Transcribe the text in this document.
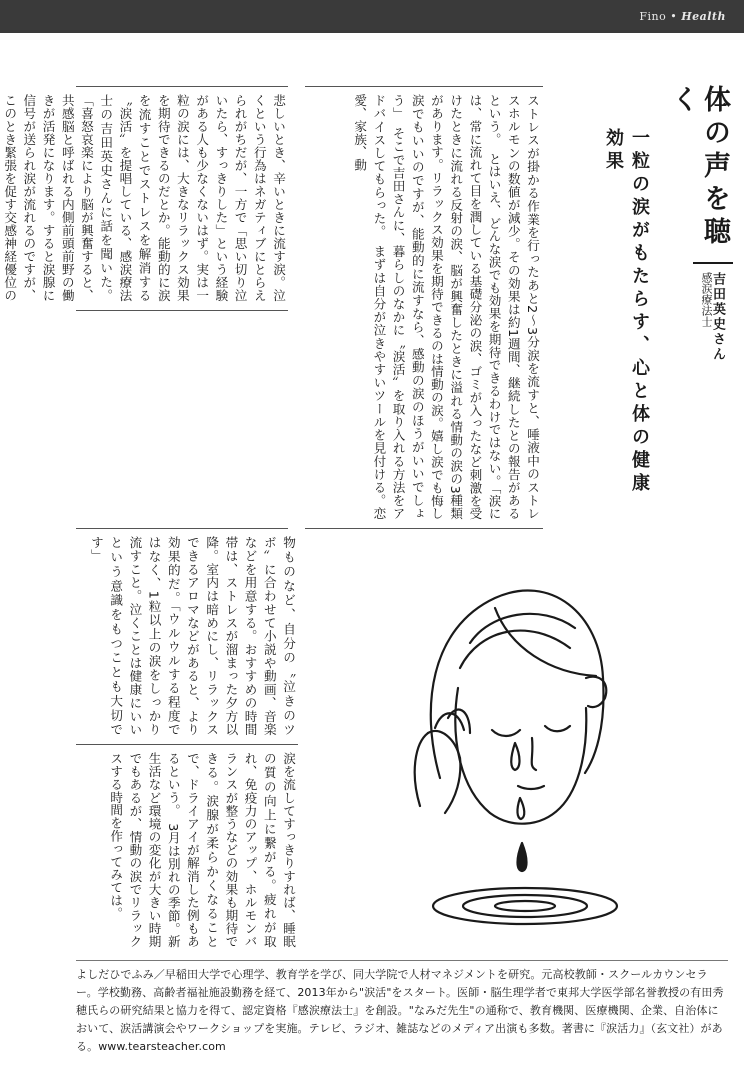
Fino • Health
体の声を聴く
感涙療法士
吉田英史さん
一粒の涙がもたらす、心と体の健康効果
ストレスが掛かる作業を行ったあと2〜3分涙を流すと、唾液中のストレスホルモンの数値が減少。その効果は約1週間、継続したとの報告があるという。　とはいえ、どんな涙でも効果を期待できるわけではない。「涙には、常に流れて目を潤している基礎分泌の涙、ゴミが入ったなど刺激を受けたときに流れる反射の涙、脳が興奮したときに溢れる情動の涙の3種類があります。リラックス効果を期待できるのは情動の涙。嬉し涙でも悔し涙でもいいのですが、能動的に流すなら、感動の涙のほうがいいでしょう」　そこで吉田さんに、暮らしのなかに〝涙活〟を取り入れる方法をアドバイスしてもらった。　まずは自分が泣きやすいツールを見付ける。恋愛、家族、動
悲しいとき、辛いときに流す涙。泣くという行為はネガティブにとらえられがちだが、一方で「思い切り泣いたら、すっきりした」という経験がある人も少なくないはず。実は一粒の涙には、大きなリラックス効果を期待できるのだとか。能動的に涙を流すことでストレスを解消する〝涙活〟を提唱している、感涙療法士の吉田英史さんに話を聞いた。「喜怒哀楽により脳が興奮すると、共感脳と呼ばれる内側前頭前野の働きが活発になります。すると涙腺に信号が送られ涙が流れるのですが、このとき緊張を促す交感神経優位の　
物ものなど、自分の〝泣きのツボ〟に合わせて小説や動画、音楽などを用意する。おすすめの時間帯は、ストレスが溜まった夕方以降。室内は暗めにし、リラックスできるアロマなどがあると、より効果的だ。「ウルウルする程度ではなく、1粒以上の涙をしっかり流すこと。泣くことは健康にいいという意識をもつことも大切です」
涙を流してすっきりすれば、睡眠の質の向上に繋がる。疲れが取れ、免疫力のアップ、ホルモンバランスが整うなどの効果も期待できる。涙腺が柔らかくなることで、ドライアイが解消した例もあるという。　3月は別れの季節。新生活など環境の変化が大きい時期でもあるが、情動の涙でリラックスする時間を作ってみては。
よしだひでふみ／早稲田大学で心理学、教育学を学び、同大学院で人材マネジメントを研究。元高校教師・スクールカウンセラー。学校勤務、高齢者福祉施設勤務を経て、2013年から"涙活"をスタート。医師・脳生理学者で東邦大学医学部名誉教授の有田秀穂氏らの研究結果と協力を得て、認定資格『感涙療法士』を創設。"なみだ先生"の通称で、教育機関、医療機関、企業、自治体において、涙活講演会やワークショップを実施。テレビ、ラジオ、雑誌などのメディア出演も多数。著書に『涙活力』（玄文社）がある。www.tearsteacher.com
